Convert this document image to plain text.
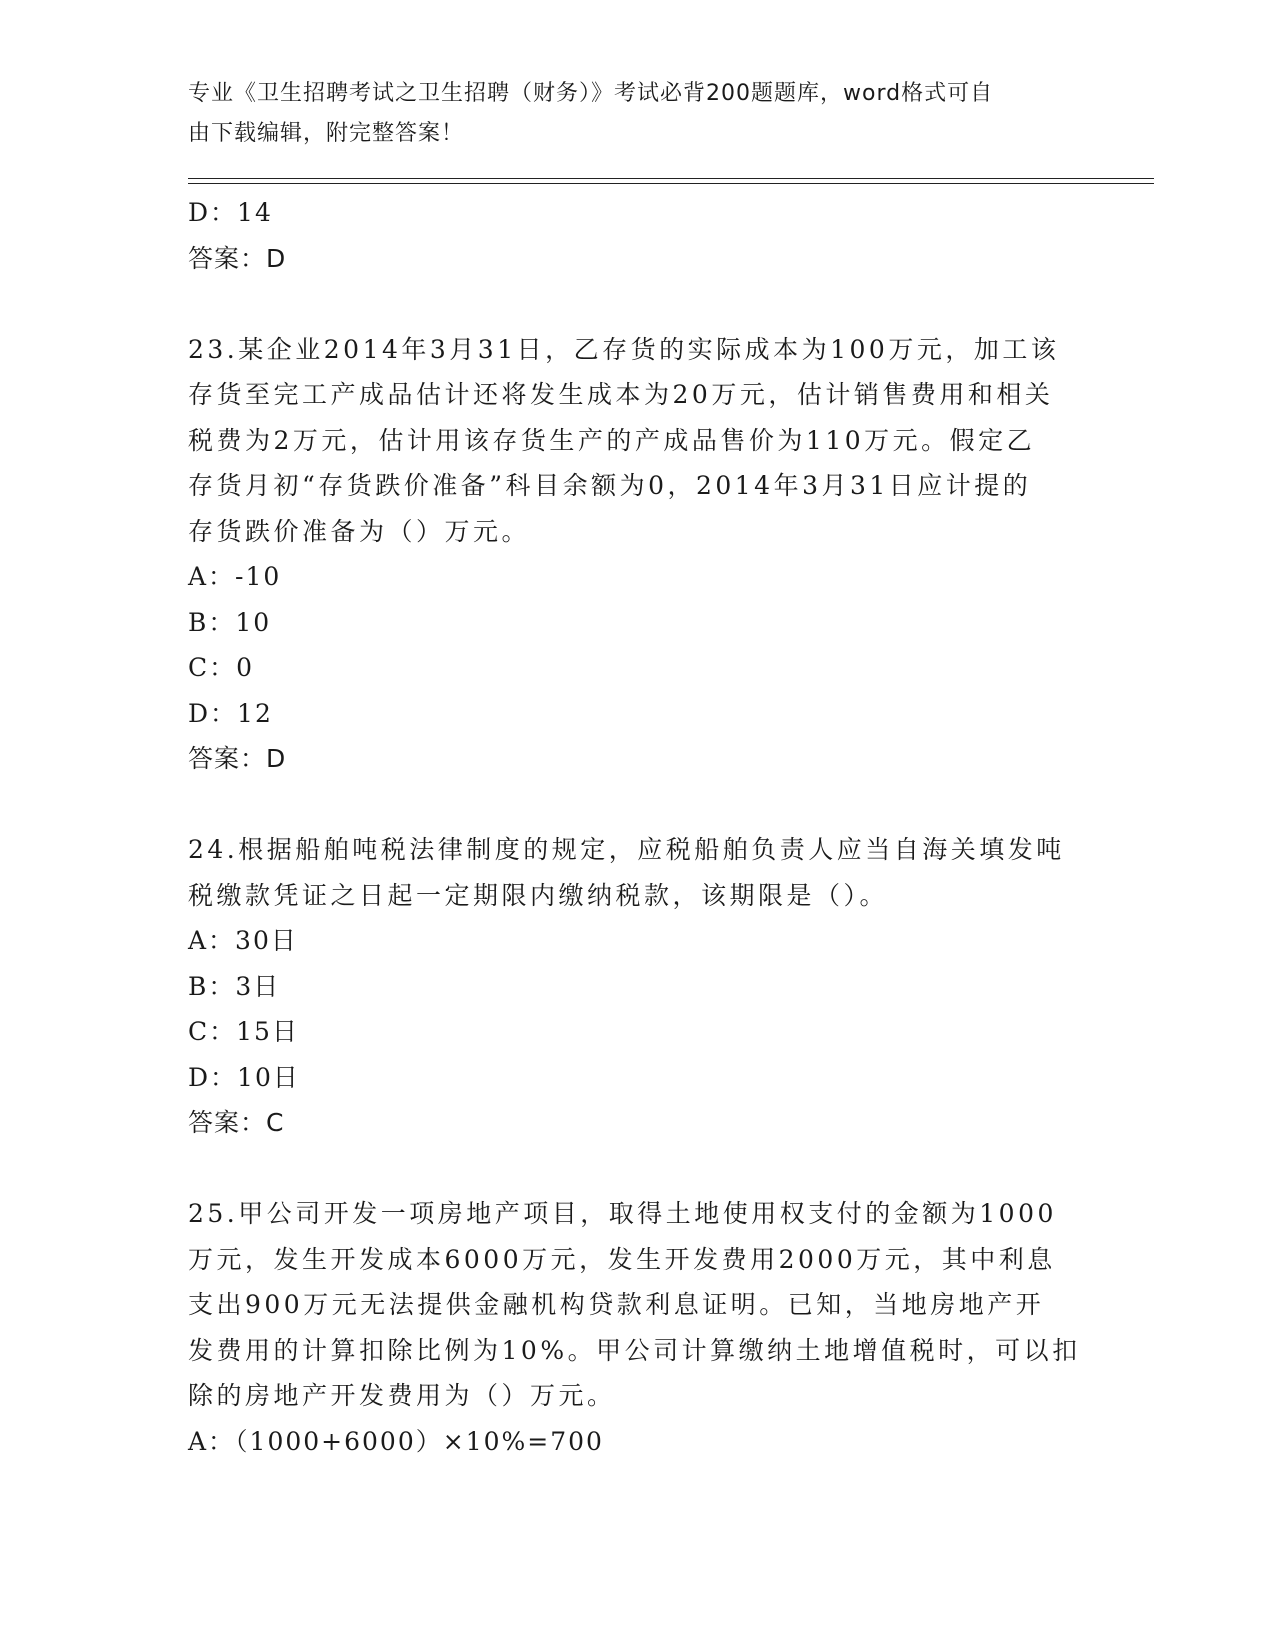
专业《卫生招聘考试之卫生招聘（财务）》考试必背200题题库，word格式可自
由下载编辑，附完整答案！
D：14
答案：D
23.某企业2014年3月31日，乙存货的实际成本为100万元，加工该
存货至完工产成品估计还将发生成本为20万元，估计销售费用和相关
税费为2万元，估计用该存货生产的产成品售价为110万元。假定乙
存货月初“存货跌价准备”科目余额为0，2014年3月31日应计提的
存货跌价准备为（）万元。
A：-10
B：10
C：0
D：12
答案：D
24.根据船舶吨税法律制度的规定，应税船舶负责人应当自海关填发吨
税缴款凭证之日起一定期限内缴纳税款，该期限是（）。
A：30日
B：3日
C：15日
D：10日
答案：C
25.甲公司开发一项房地产项目，取得土地使用权支付的金额为1000
万元，发生开发成本6000万元，发生开发费用2000万元，其中利息
支出900万元无法提供金融机构贷款利息证明。已知，当地房地产开
发费用的计算扣除比例为10%。甲公司计算缴纳土地增值税时，可以扣
除的房地产开发费用为（）万元。
A：（1000+6000）×10%=700
